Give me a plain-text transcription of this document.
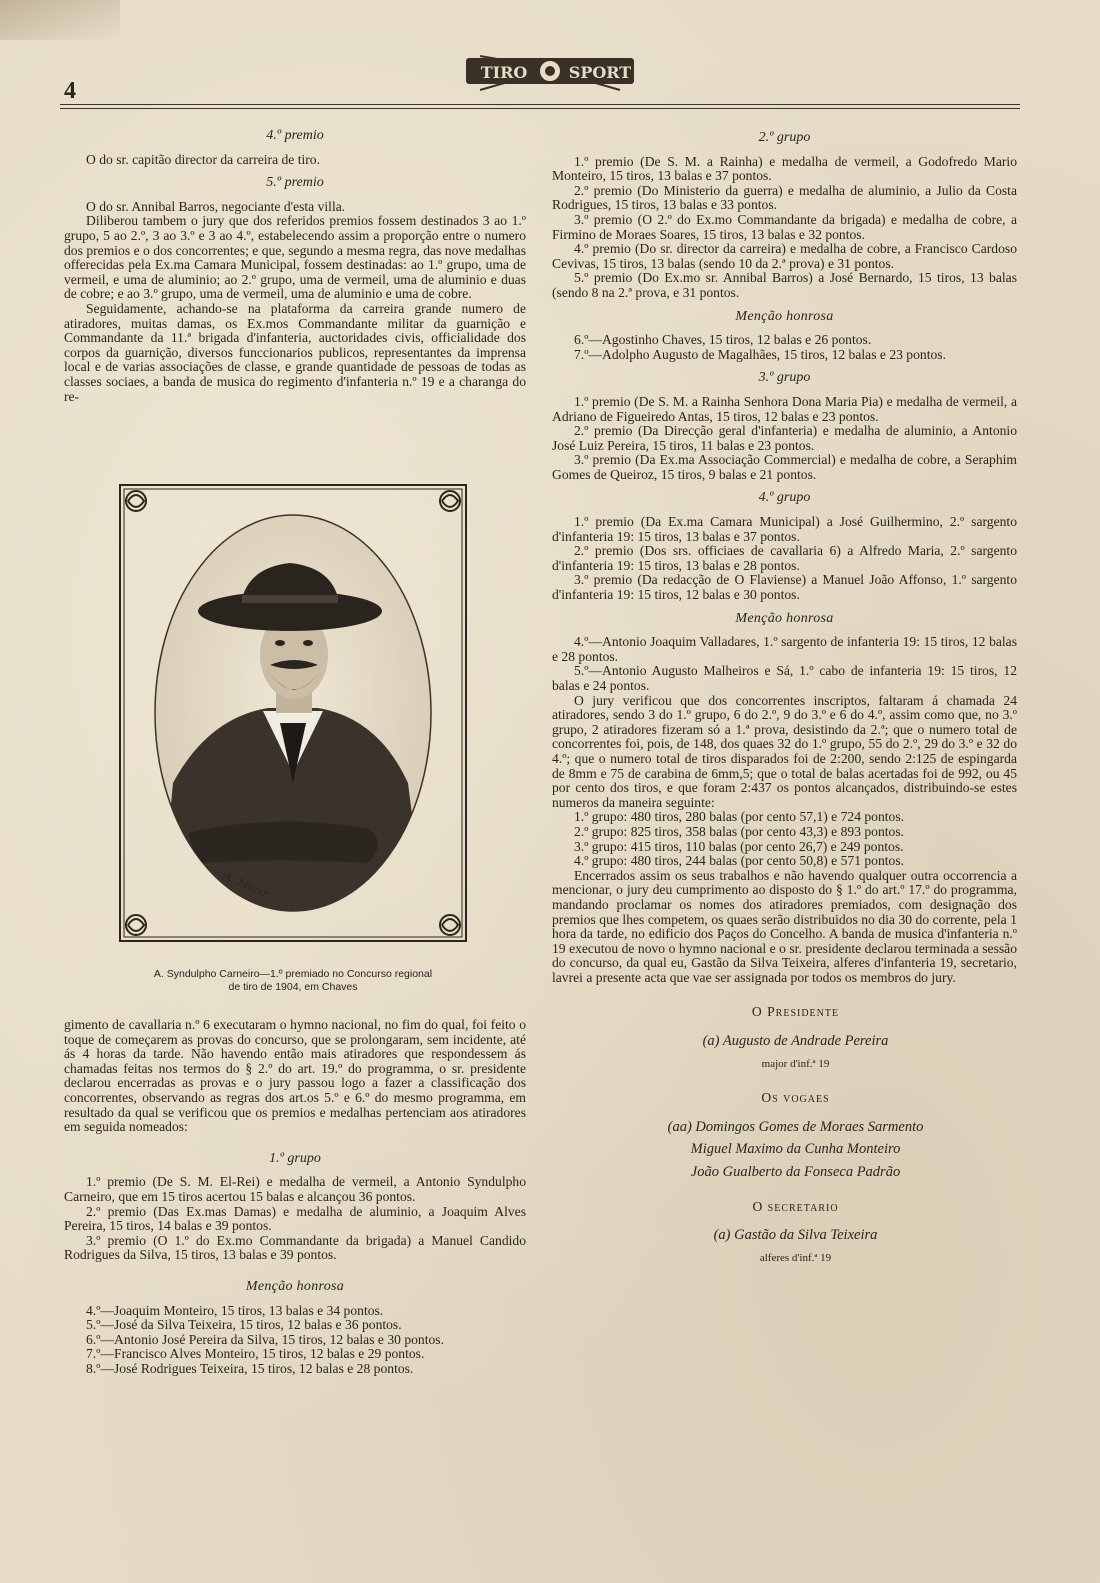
4
TIRO	SPORT

4.º premio

O do sr. capitão director da carreira de tiro.

5.º premio

O do sr. Annibal Barros, negociante d'esta villa.

Diliberou tambem o jury que dos referidos premios fossem destinados 3 ao 1.º grupo, 5 ao 2.º, 3 ao 3.º e 3 ao 4.º, estabelecendo assim a proporção entre o numero dos premios e o dos concorrentes; e que, segundo a mesma regra, das nove medalhas offerecidas pela Ex.ma Camara Municipal, fossem destinadas: ao 1.º grupo, uma de vermeil, e uma de aluminio; ao 2.º grupo, uma de vermeil, uma de aluminio e duas de cobre; e ao 3.º grupo, uma de vermeil, uma de aluminio e uma de cobre.

Seguidamente, achando-se na plataforma da carreira grande numero de atiradores, muitas damas, os Ex.mos Commandante militar da guarnição e Commandante da 11.ª brigada d'infanteria, auctoridades civis, officialidade dos corpos da guarnição, diversos funccionarios publicos, representantes da imprensa local e de varias associações de classe, e grande quantidade de pessoas de todas as classes sociaes, a banda de musica do regimento d'infanteria n.º 19 e a charanga do re-

A. Moriz
A. Syndulpho Carneiro—1.º premiado no Concurso regional
de tiro de 1904, em Chaves

gimento de cavallaria n.º 6 executaram o hymno nacional, no fim do qual, foi feito o toque de começarem as provas do concurso, que se prolongaram, sem incidente, até ás 4 horas da tarde. Não havendo então mais atiradores que respondessem ás chamadas feitas nos termos do § 2.º do art. 19.º do programma, o sr. presidente declarou encerradas as provas e o jury passou logo a fazer a classificação dos concorrentes, observando as regras dos art.os 5.º e 6.º do mesmo programma, em resultado da qual se verificou que os premios e medalhas pertenciam aos atiradores em seguida nomeados:

1.º grupo

1.º premio (De S. M. El-Rei) e medalha de vermeil, a Antonio Syndulpho Carneiro, que em 15 tiros acertou 15 balas e alcançou 36 pontos.

2.º premio (Das Ex.mas Damas) e medalha de aluminio, a Joaquim Alves Pereira, 15 tiros, 14 balas e 39 pontos.

3.º premio (O 1.º do Ex.mo Commandante da brigada) a Manuel Candido Rodrigues da Silva, 15 tiros, 13 balas e 39 pontos.

Menção honrosa

4.º—Joaquim Monteiro, 15 tiros, 13 balas e 34 pontos.

5.º—José da Silva Teixeira, 15 tiros, 12 balas e 36 pontos.

6.º—Antonio José Pereira da Silva, 15 tiros, 12 balas e 30 pontos.

7.º—Francisco Alves Monteiro, 15 tiros, 12 balas e 29 pontos.

8.º—José Rodrigues Teixeira, 15 tiros, 12 balas e 28 pontos.

2.º grupo

1.º premio (De S. M. a Rainha) e medalha de vermeil, a Godofredo Mario Monteiro, 15 tiros, 13 balas e 37 pontos.

2.º premio (Do Ministerio da guerra) e medalha de aluminio, a Julio da Costa Rodrigues, 15 tiros, 13 balas e 33 pontos.

3.º premio (O 2.º do Ex.mo Commandante da brigada) e medalha de cobre, a Firmino de Moraes Soares, 15 tiros, 13 balas e 32 pontos.

4.º premio (Do sr. director da carreira) e medalha de cobre, a Francisco Cardoso Cevivas, 15 tiros, 13 balas (sendo 10 da 2.ª prova) e 31 pontos.

5.º premio (Do Ex.mo sr. Annibal Barros) a José Bernardo, 15 tiros, 13 balas (sendo 8 na 2.ª prova, e 31 pontos.

Menção honrosa

6.º—Agostinho Chaves, 15 tiros, 12 balas e 26 pontos.

7.º—Adolpho Augusto de Magalhães, 15 tiros, 12 balas e 23 pontos.

3.º grupo

1.º premio (De S. M. a Rainha Senhora Dona Maria Pia) e medalha de vermeil, a Adriano de Figueiredo Antas, 15 tiros, 12 balas e 23 pontos.

2.º premio (Da Direcção geral d'infanteria) e medalha de aluminio, a Antonio José Luiz Pereira, 15 tiros, 11 balas e 23 pontos.

3.º premio (Da Ex.ma Associação Commercial) e medalha de cobre, a Seraphim Gomes de Queiroz, 15 tiros, 9 balas e 21 pontos.

4.º grupo

1.º premio (Da Ex.ma Camara Municipal) a José Guilhermino, 2.º sargento d'infanteria 19: 15 tiros, 13 balas e 37 pontos.

2.º premio (Dos srs. officiaes de cavallaria 6) a Alfredo Maria, 2.º sargento d'infanteria 19: 15 tiros, 13 balas e 28 pontos.

3.º premio (Da redacção de O Flaviense) a Manuel João Affonso, 1.º sargento d'infanteria 19: 15 tiros, 12 balas e 30 pontos.

Menção honrosa

4.º—Antonio Joaquim Valladares, 1.º sargento de infanteria 19: 15 tiros, 12 balas e 28 pontos.

5.º—Antonio Augusto Malheiros e Sá, 1.º cabo de infanteria 19: 15 tiros, 12 balas e 24 pontos.

O jury verificou que dos concorrentes inscriptos, faltaram á chamada 24 atiradores, sendo 3 do 1.º grupo, 6 do 2.º, 9 do 3.º e 6 do 4.º, assim como que, no 3.º grupo, 2 atiradores fizeram só a 1.ª prova, desistindo da 2.ª; que o numero total de concorrentes foi, pois, de 148, dos quaes 32 do 1.º grupo, 55 do 2.º, 29 do 3.º e 32 do 4.º; que o numero total de tiros disparados foi de 2:200, sendo 2:125 de espingarda de 8mm e 75 de carabina de 6mm,5; que o total de balas acertadas foi de 992, ou 45 por cento dos tiros, e que foram 2:437 os pontos alcançados, distribuindo-se estes numeros da maneira seguinte:

1.º grupo: 480 tiros, 280 balas (por cento 57,1) e 724 pontos.

2.º grupo: 825 tiros, 358 balas (por cento 43,3) e 893 pontos.

3.º grupo: 415 tiros, 110 balas (por cento 26,7) e 249 pontos.

4.º grupo: 480 tiros, 244 balas (por cento 50,8) e 571 pontos.

Encerrados assim os seus trabalhos e não havendo qualquer outra occorrencia a mencionar, o jury deu cumprimento ao disposto do § 1.º do art.º 17.º do programma, mandando proclamar os nomes dos atiradores premiados, com designação dos premios que lhes competem, os quaes serão distribuidos no dia 30 do corrente, pela 1 hora da tarde, no edificio dos Paços do Concelho. A banda de musica d'infanteria n.º 19 executou de novo o hymno nacional e o sr. presidente declarou terminada a sessão do concurso, da qual eu, Gastão da Silva Teixeira, alferes d'infanteria 19, secretario, lavrei a presente acta que vae ser assignada por todos os membros do jury.

O Presidente

(a) Augusto de Andrade Pereira

major d'inf.ª 19

Os vogaes

(aa) Domingos Gomes de Moraes Sarmento

Miguel Maximo da Cunha Monteiro

João Gualberto da Fonseca Padrão

O secretario

(a) Gastão da Silva Teixeira

alferes d'inf.ª 19
